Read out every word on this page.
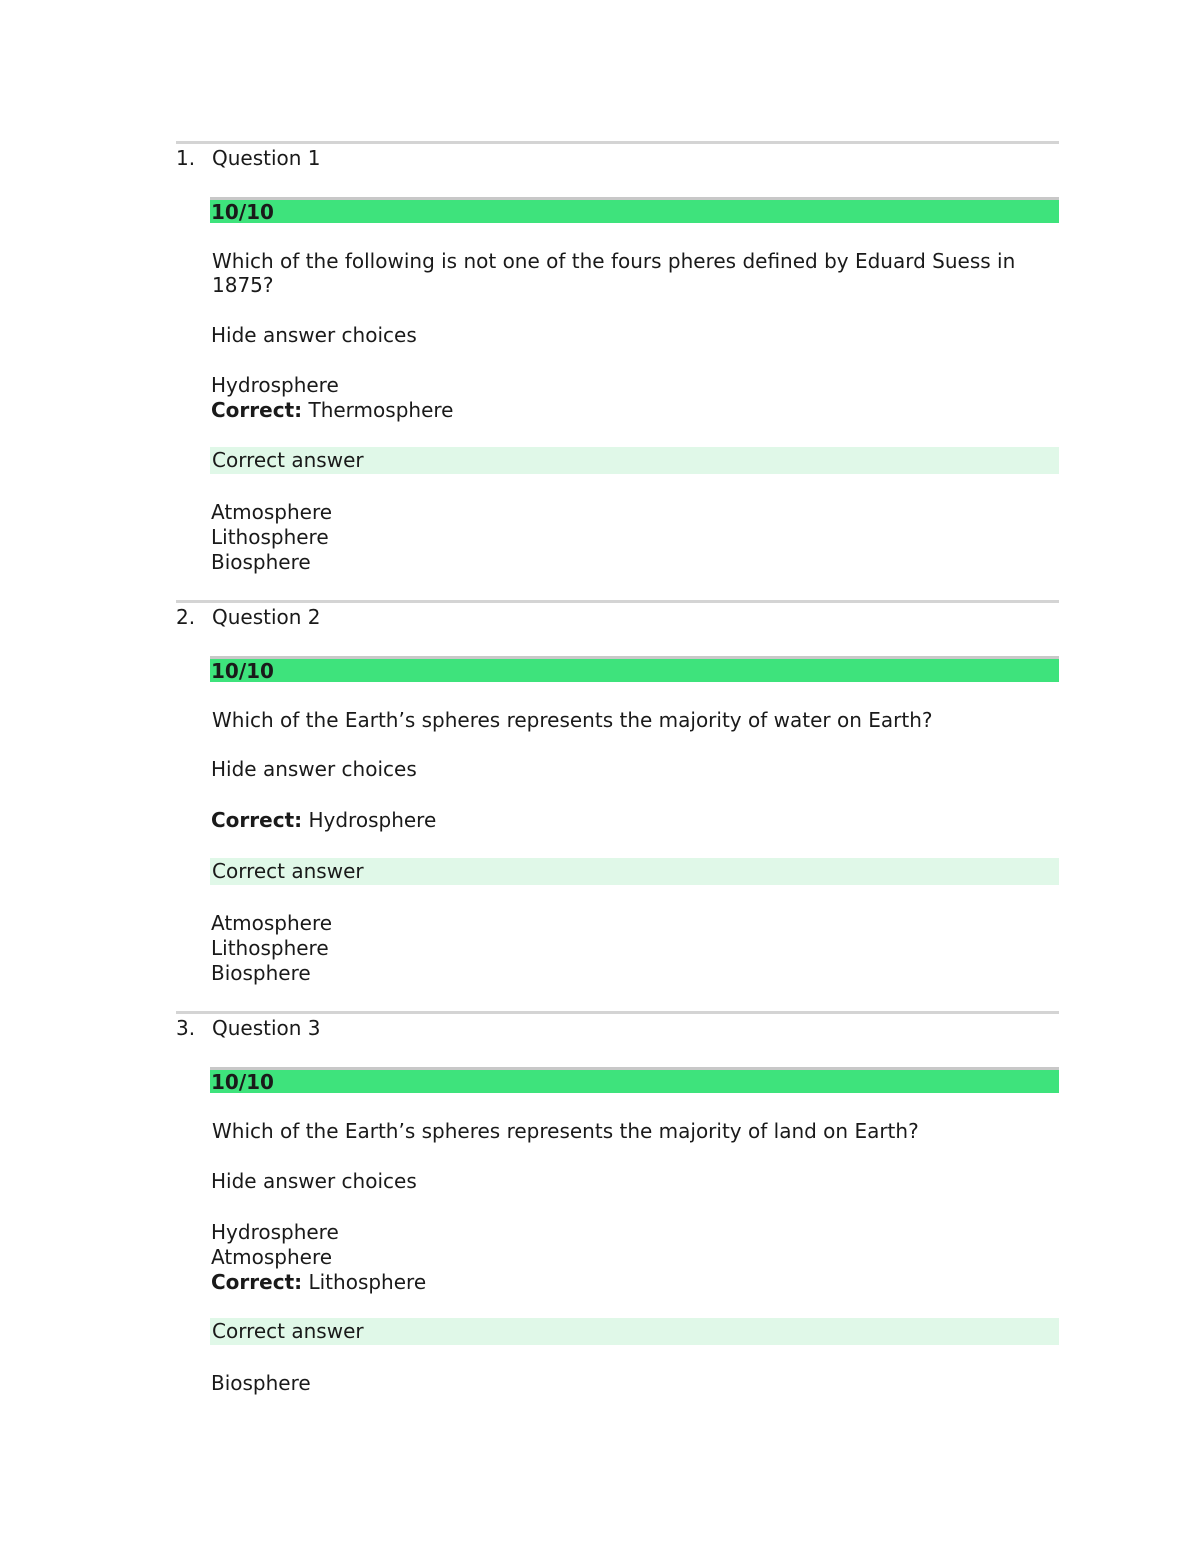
1. Question 1
10/10
Which of the following is not one of the fours pheres defined by Eduard Suess in 1875?
Hide answer choices
Hydrosphere
Correct: Thermosphere
Correct answer
Atmosphere
Lithosphere
Biosphere
2. Question 2
10/10
Which of the Earth’s spheres represents the majority of water on Earth?
Hide answer choices
Correct: Hydrosphere
Correct answer
Atmosphere
Lithosphere
Biosphere
3. Question 3
10/10
Which of the Earth’s spheres represents the majority of land on Earth?
Hide answer choices
Hydrosphere
Atmosphere
Correct: Lithosphere
Correct answer
Biosphere
